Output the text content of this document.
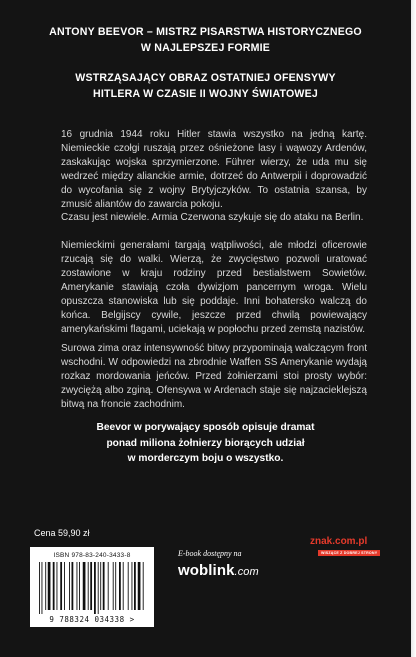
ANTONY BEEVOR – MISTRZ PISARSTWA HISTORYCZNEGO
W NAJLEPSZEJ FORMIE
WSTRZĄSAJĄCY OBRAZ OSTATNIEJ OFENSYWY
HITLERA W CZASIE II WOJNY ŚWIATOWEJ

16 grudnia 1944 roku Hitler stawia wszystko na jedną kartę. Niemieckie czołgi ruszają przez ośnieżone lasy i wąwozy Ardenów, zaskakując wojska sprzymierzone. Führer wierzy, że uda mu się wedrzeć między alianckie armie, dotrzeć do Antwerpii i doprowadzić do wycofania się z wojny Brytyjczyków. To ostatnia szansa, by zmusić aliantów do zawarcia pokoju.

Czasu jest niewiele. Armia Czerwona szykuje się do ataku na Berlin.

Niemieckimi generałami targają wątpliwości, ale młodzi oficerowie rzucają się do walki. Wierzą, że zwycięstwo pozwoli uratować zostawione w kraju rodziny przed bestialstwem Sowietów. Amerykanie stawiają czoła dywizjom pancernym wroga. Wielu opuszcza stanowiska lub się poddaje. Inni bohatersko walczą do końca. Belgijscy cywile, jeszcze przed chwilą powiewający amerykańskimi flagami, uciekają w popłochu przed zemstą nazistów.

Surowa zima oraz intensywność bitwy przypominają walczącym front wschodni. W odpowiedzi na zbrodnie Waffen SS Amerykanie wydają rozkaz mordowania jeńców. Przed żołnierzami stoi prosty wybór: zwyciężą albo zginą. Ofensywa w Ardenach staje się najzacieklejszą bitwą na froncie zachodnim.

Beevor w porywający sposób opisuje dramat
ponad miliona żołnierzy biorących udział
w morderczym boju o wszystko.
Cena 59,90 zł
ISBN 978-83-240-3433-8
9 788324 034338 >
E-book dostępny na
woblink.com
znak.com.pl
WISZĄCE Z DOBREJ STRONY
